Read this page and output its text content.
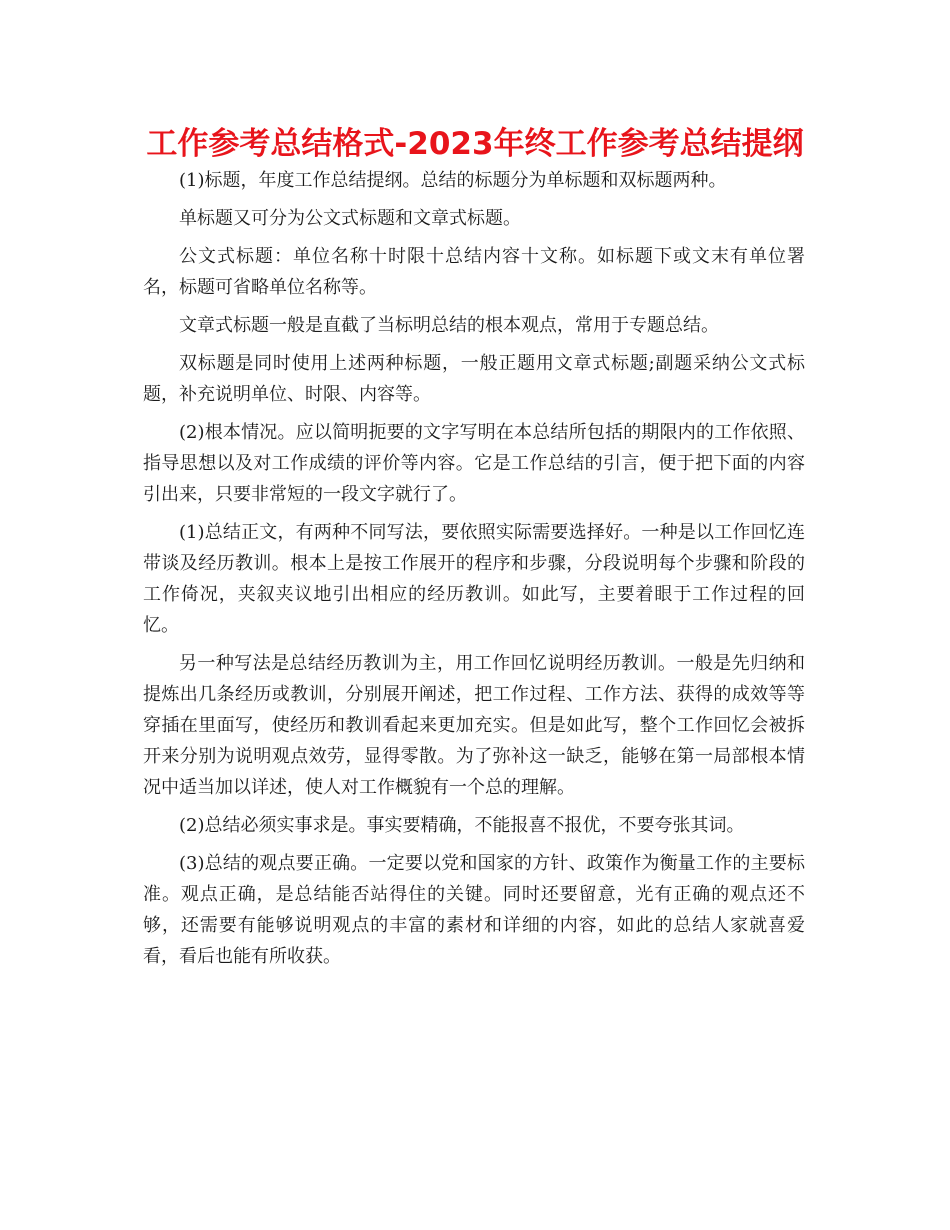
工作参考总结格式-2023年终工作参考总结提纲

(1)标题，年度工作总结提纲。总结的标题分为单标题和双标题两种。

单标题又可分为公文式标题和文章式标题。

公文式标题：单位名称十时限十总结内容十文称。如标题下或文末有单位署名，标题可省略单位名称等。

文章式标题一般是直截了当标明总结的根本观点，常用于专题总结。

双标题是同时使用上述两种标题，一般正题用文章式标题;副题采纳公文式标题，补充说明单位、时限、内容等。

(2)根本情况。应以简明扼要的文字写明在本总结所包括的期限内的工作依照、指导思想以及对工作成绩的评价等内容。它是工作总结的引言，便于把下面的内容引出来，只要非常短的一段文字就行了。

(1)总结正文，有两种不同写法，要依照实际需要选择好。一种是以工作回忆连带谈及经历教训。根本上是按工作展开的程序和步骤，分段说明每个步骤和阶段的工作倚况，夹叙夹议地引出相应的经历教训。如此写，主要着眼于工作过程的回忆。

另一种写法是总结经历教训为主，用工作回忆说明经历教训。一般是先归纳和提炼出几条经历或教训，分别展开阐述，把工作过程、工作方法、获得的成效等等穿插在里面写，使经历和教训看起来更加充实。但是如此写，整个工作回忆会被拆开来分别为说明观点效劳，显得零散。为了弥补这一缺乏，能够在第一局部根本情况中适当加以详述，使人对工作概貌有一个总的理解。

(2)总结必须实事求是。事实要精确，不能报喜不报优，不要夸张其词。

(3)总结的观点要正确。一定要以党和国家的方针、政策作为衡量工作的主要标准。观点正确，是总结能否站得住的关键。同时还要留意，光有正确的观点还不够，还需要有能够说明观点的丰富的素材和详细的内容，如此的总结人家就喜爱看，看后也能有所收获。
